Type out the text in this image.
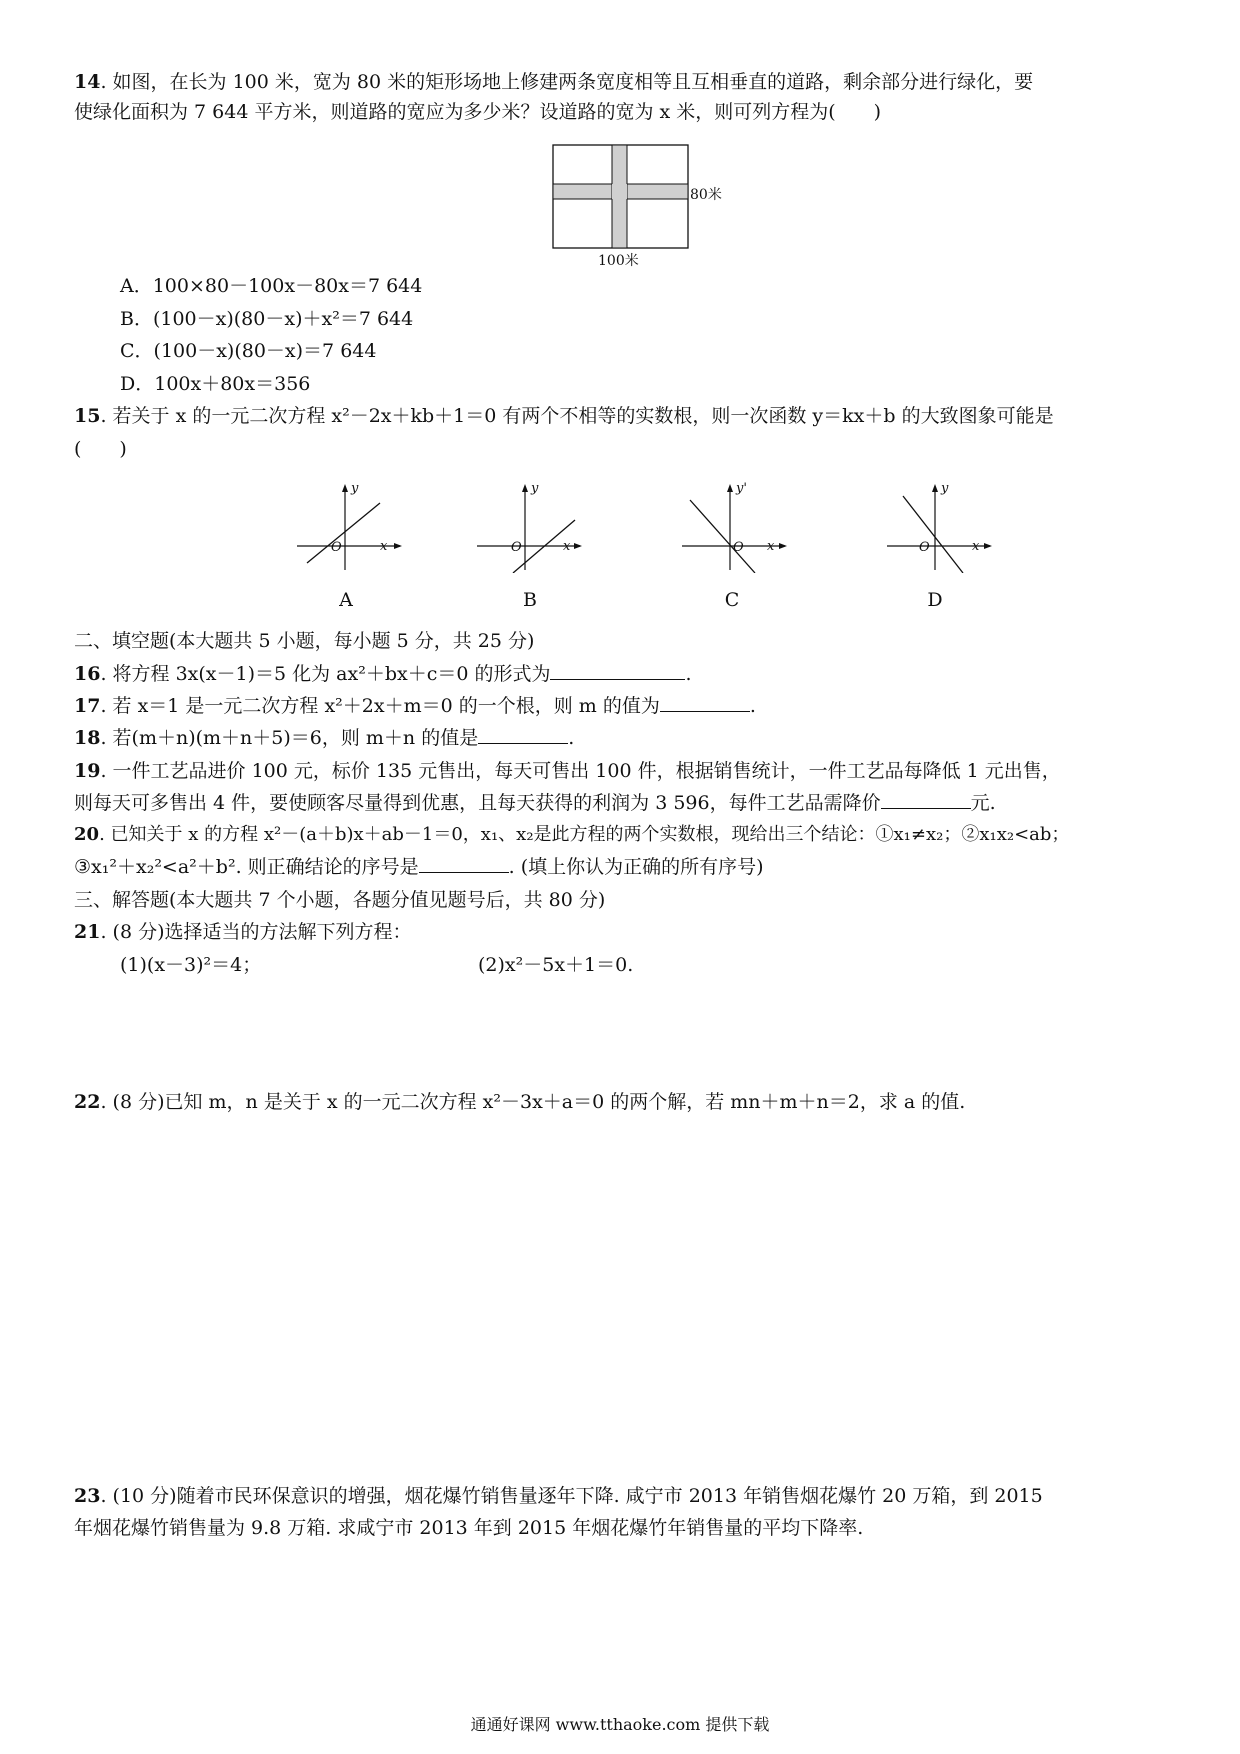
14. 如图，在长为 100 米，宽为 80 米的矩形场地上修建两条宽度相等且互相垂直的道路，剩余部分进行绿化，要
使绿化面积为 7 644 平方米，则道路的宽应为多少米？设道路的宽为 x 米，则可列方程为(　　)
80米
100米
A．100×80－100x－80x＝7 644
B．(100－x)(80－x)＋x²＝7 644
C．(100－x)(80－x)＝7 644
D．100x＋80x＝356
15. 若关于 x 的一元二次方程 x²－2x＋kb＋1＝0 有两个不相等的实数根，则一次函数 y＝kx＋b 的大致图象可能是
(　　)
y
x
O
A
y
x
O
B
y'
x
O
C
y
x
O
D
二、填空题(本大题共 5 小题，每小题 5 分，共 25 分)
16. 将方程 3x(x－1)＝5 化为 ax²＋bx＋c＝0 的形式为	.
17. 若 x＝1 是一元二次方程 x²＋2x＋m＝0 的一个根，则 m 的值为	.
18. 若(m＋n)(m＋n＋5)＝6，则 m＋n 的值是	.
19. 一件工艺品进价 100 元，标价 135 元售出，每天可售出 100 件，根据销售统计，一件工艺品每降低 1 元出售，
则每天可多售出 4 件，要使顾客尽量得到优惠，且每天获得的利润为 3 596，每件工艺品需降价	元.
20. 已知关于 x 的方程 x²－(a＋b)x＋ab－1＝0，x₁、x₂是此方程的两个实数根，现给出三个结论：①x₁≠x₂；②x₁x₂<ab；
③x₁²＋x₂²<a²＋b². 则正确结论的序号是	. (填上你认为正确的所有序号)
三、解答题(本大题共 7 个小题，各题分值见题号后，共 80 分)
21. (8 分)选择适当的方法解下列方程：
(1)(x－3)²＝4；	(2)x²－5x＋1＝0.
22. (8 分)已知 m，n 是关于 x 的一元二次方程 x²－3x＋a＝0 的两个解，若 mn＋m＋n＝2，求 a 的值.
23. (10 分)随着市民环保意识的增强，烟花爆竹销售量逐年下降. 咸宁市 2013 年销售烟花爆竹 20 万箱，到 2015
年烟花爆竹销售量为 9.8 万箱. 求咸宁市 2013 年到 2015 年烟花爆竹年销售量的平均下降率.
通通好课网 www.tthaoke.com 提供下载
